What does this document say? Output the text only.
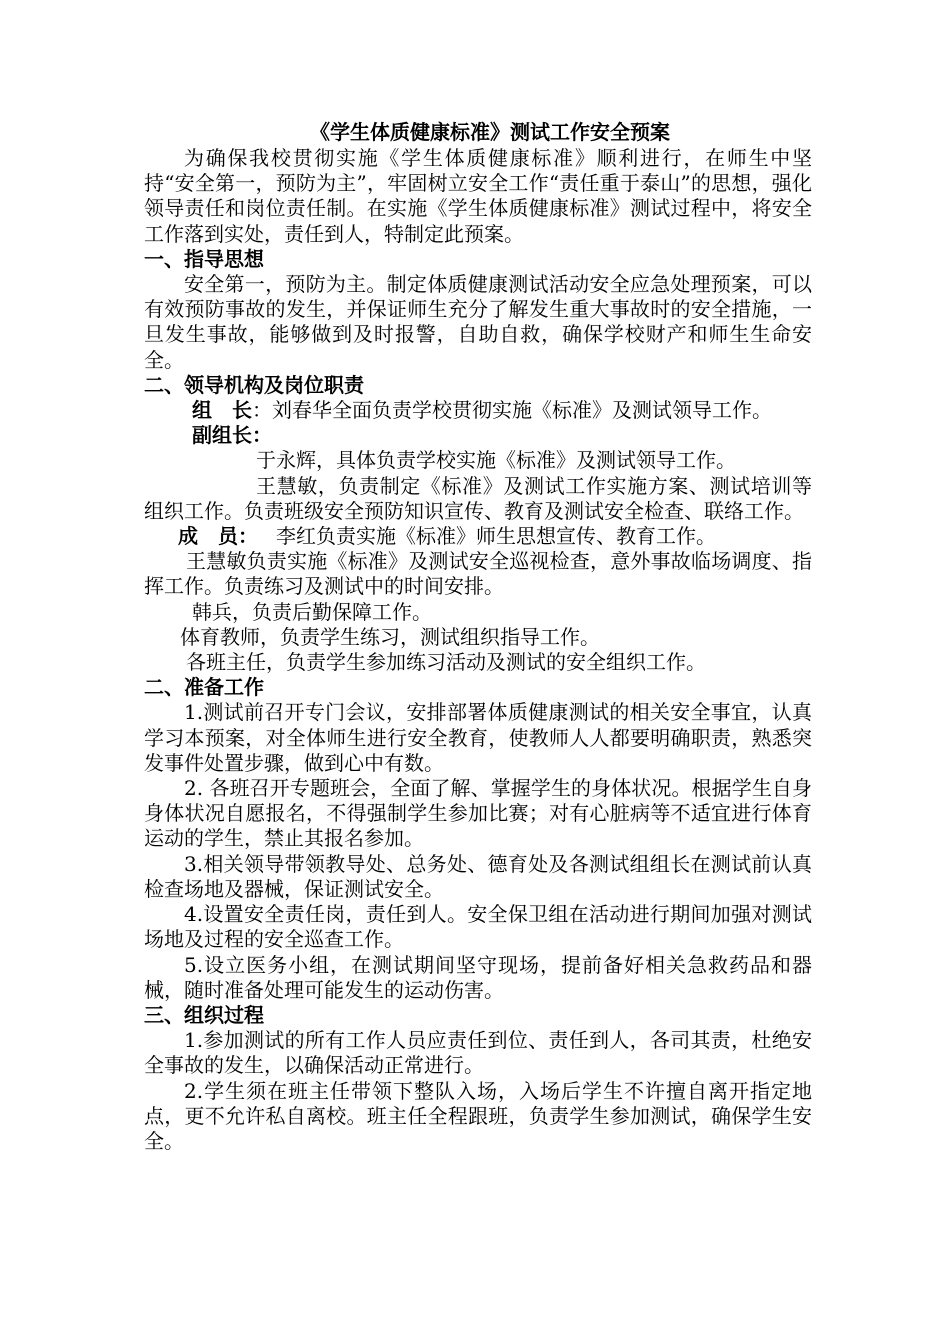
《学生体质健康标准》测试工作安全预案

为确保我校贯彻实施《学生体质健康标准》顺利进行，在师生中坚持“安全第一，预防为主”，牢固树立安全工作“责任重于泰山”的思想，强化领导责任和岗位责任制。在实施《学生体质健康标准》测试过程中，将安全工作落到实处，责任到人，特制定此预案。

一、指导思想

安全第一，预防为主。制定体质健康测试活动安全应急处理预案，可以有效预防事故的发生，并保证师生充分了解发生重大事故时的安全措施，一旦发生事故，能够做到及时报警，自助自救，确保学校财产和师生生命安全。

二、领导机构及岗位职责
组　长：刘春华全面负责学校贯彻实施《标准》及测试领导工作。
副组长：
于永辉，具体负责学校实施《标准》及测试领导工作。

王慧敏，负责制定《标准》及测试工作实施方案、测试培训等组织工作。负责班级安全预防知识宣传、教育及测试安全检查、联络工作。

成　员： 李红负责实施《标准》师生思想宣传、教育工作。

王慧敏负责实施《标准》及测试安全巡视检查，意外事故临场调度、指挥工作。负责练习及测试中的时间安排。

韩兵，负责后勤保障工作。
体育教师，负责学生练习，测试组织指导工作。
各班主任，负责学生参加练习活动及测试的安全组织工作。
二、准备工作

1.测试前召开专门会议，安排部署体质健康测试的相关安全事宜，认真学习本预案，对全体师生进行安全教育，使教师人人都要明确职责，熟悉突发事件处置步骤，做到心中有数。

2. 各班召开专题班会，全面了解、掌握学生的身体状况。根据学生自身身体状况自愿报名，不得强制学生参加比赛；对有心脏病等不适宜进行体育运动的学生，禁止其报名参加。

3.相关领导带领教导处、总务处、德育处及各测试组组长在测试前认真检查场地及器械，保证测试安全。

4.设置安全责任岗，责任到人。安全保卫组在活动进行期间加强对测试场地及过程的安全巡查工作。

5.设立医务小组，在测试期间坚守现场，提前备好相关急救药品和器械，随时准备处理可能发生的运动伤害。

三、组织过程

1.参加测试的所有工作人员应责任到位、责任到人，各司其责，杜绝安全事故的发生，以确保活动正常进行。

2.学生须在班主任带领下整队入场，入场后学生不许擅自离开指定地点，更不允许私自离校。班主任全程跟班，负责学生参加测试，确保学生安全。
